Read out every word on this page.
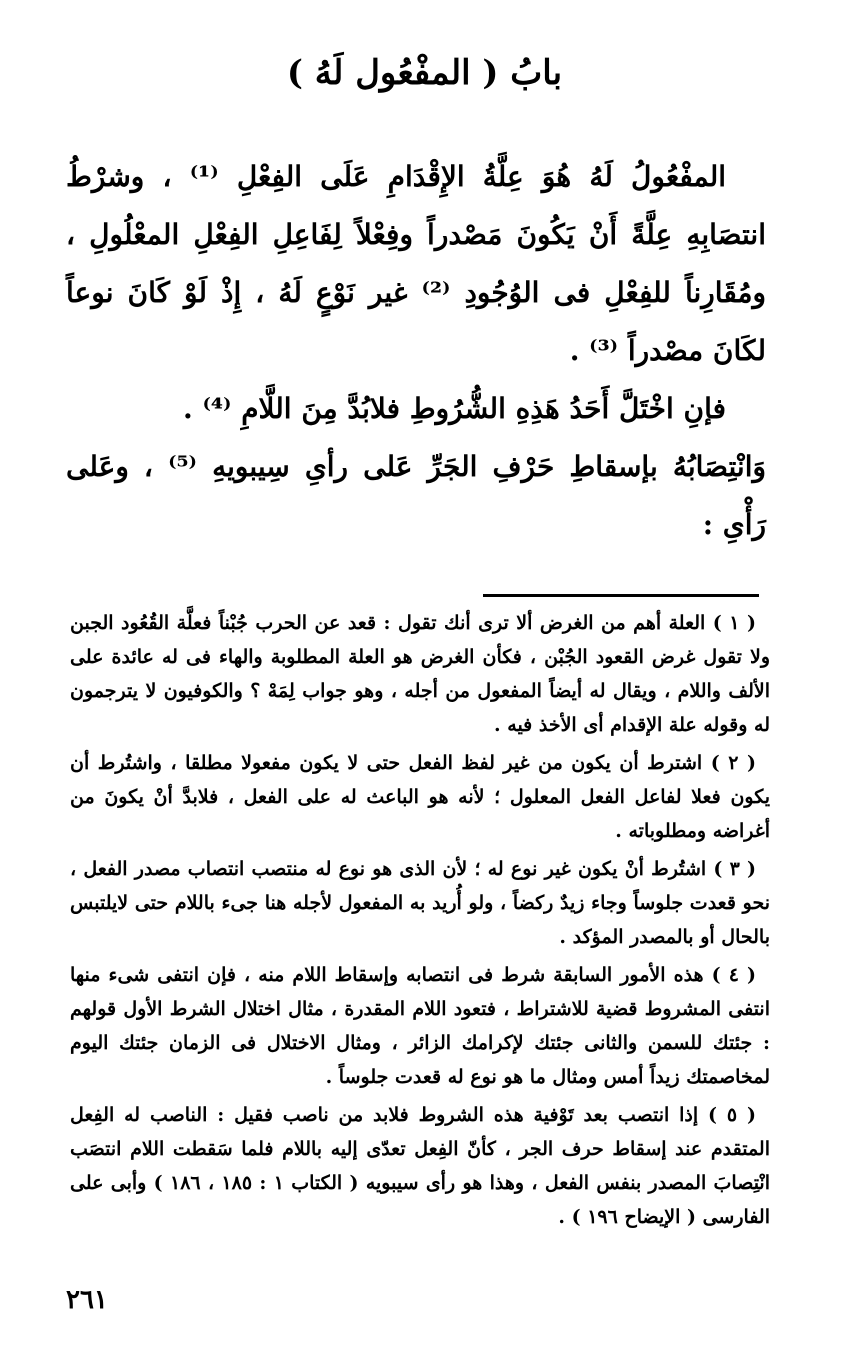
بابُ ( المفْعُول لَهُ )

المفْعُولُ لَهُ هُوَ عِلَّةُ الإِقْدَامِ عَلَى الفِعْلِ ⁽¹⁾ ، وشرْطُ انتصَابِهِ عِلَّةً أَنْ يَكُونَ مَصْدراً وفِعْلاً لِفَاعِلِ الفِعْلِ المعْلُولِ ، ومُقَارِناً للفِعْلِ فى الوُجُودِ ⁽²⁾ غير نَوْعٍ لَهُ ، إِذْ لَوْ كَانَ نوعاً لكَانَ مصْدراً ⁽³⁾ .

فإنِ اخْتَلَّ أَحَدُ هَذِهِ الشُّرُوطِ فلابُدَّ مِنَ اللَّامِ ⁽⁴⁾ .

وَانْتِصَابُهُ بإسقاطِ حَرْفِ الجَرِّ عَلى رأىِ سِيبويهِ ⁽⁵⁾ ، وعَلى رَأْىِ :

( ١ ) العلة أهم من الغرض ألا ترى أنك تقول : قعد عن الحرب جُبْناً فعلَّة القُعُود الجبن ولا تقول غرض القعود الجُبْن ، فكأن الغرض هو العلة المطلوبة والهاء فى له عائدة على الألف واللام ، ويقال له أيضاً المفعول من أجله ، وهو جواب لِمَهْ ؟ والكوفيون لا يترجمون له وقوله علة الإقدام أى الأخذ فيه .

( ٢ ) اشترط أن يكون من غير لفظ الفعل حتى لا يكون مفعولا مطلقا ، واشتُرط أن يكون فعلا لفاعل الفعل المعلول ؛ لأنه هو الباعث له على الفعل ، فلابدَّ أنْ يكونَ من أغراضه ومطلوباته .

( ٣ ) اشتُرط أنْ يكون غير نوع له ؛ لأن الذى هو نوع له منتصب انتصاب مصدر الفعل ، نحو قعدت جلوساً وجاء زيدٌ ركضاً ، ولو أُريد به المفعول لأجله هنا جىء باللام حتى لايلتبس بالحال أو بالمصدر المؤكد .

( ٤ ) هذه الأمور السابقة شرط فى انتصابه وإسقاط اللام منه ، فإن انتفى شىء منها انتفى المشروط قضية للاشتراط ، فتعود اللام المقدرة ، مثال اختلال الشرط الأول قولهم : جئتك للسمن والثانى جئتك لإكرامك الزائر ، ومثال الاختلال فى الزمان جئتك اليوم لمخاصمتك زيداً أمس ومثال ما هو نوع له قعدت جلوساً .

( ٥ ) إذا انتصب بعد تَوْفية هذه الشروط فلابد من ناصب فقيل : الناصب له الفِعل المتقدم عند إسقاط حرف الجر ، كأنّ الفِعل تعدّى إليه باللام فلما سَقطت اللام انتصَب انْتِصابَ المصدر بنفس الفعل ، وهذا هو رأى سيبويه ( الكتاب ١ : ١٨٥ ، ١٨٦ ) وأبى على الفارسى ( الإيضاح ١٩٦ ) .

٢٦١
